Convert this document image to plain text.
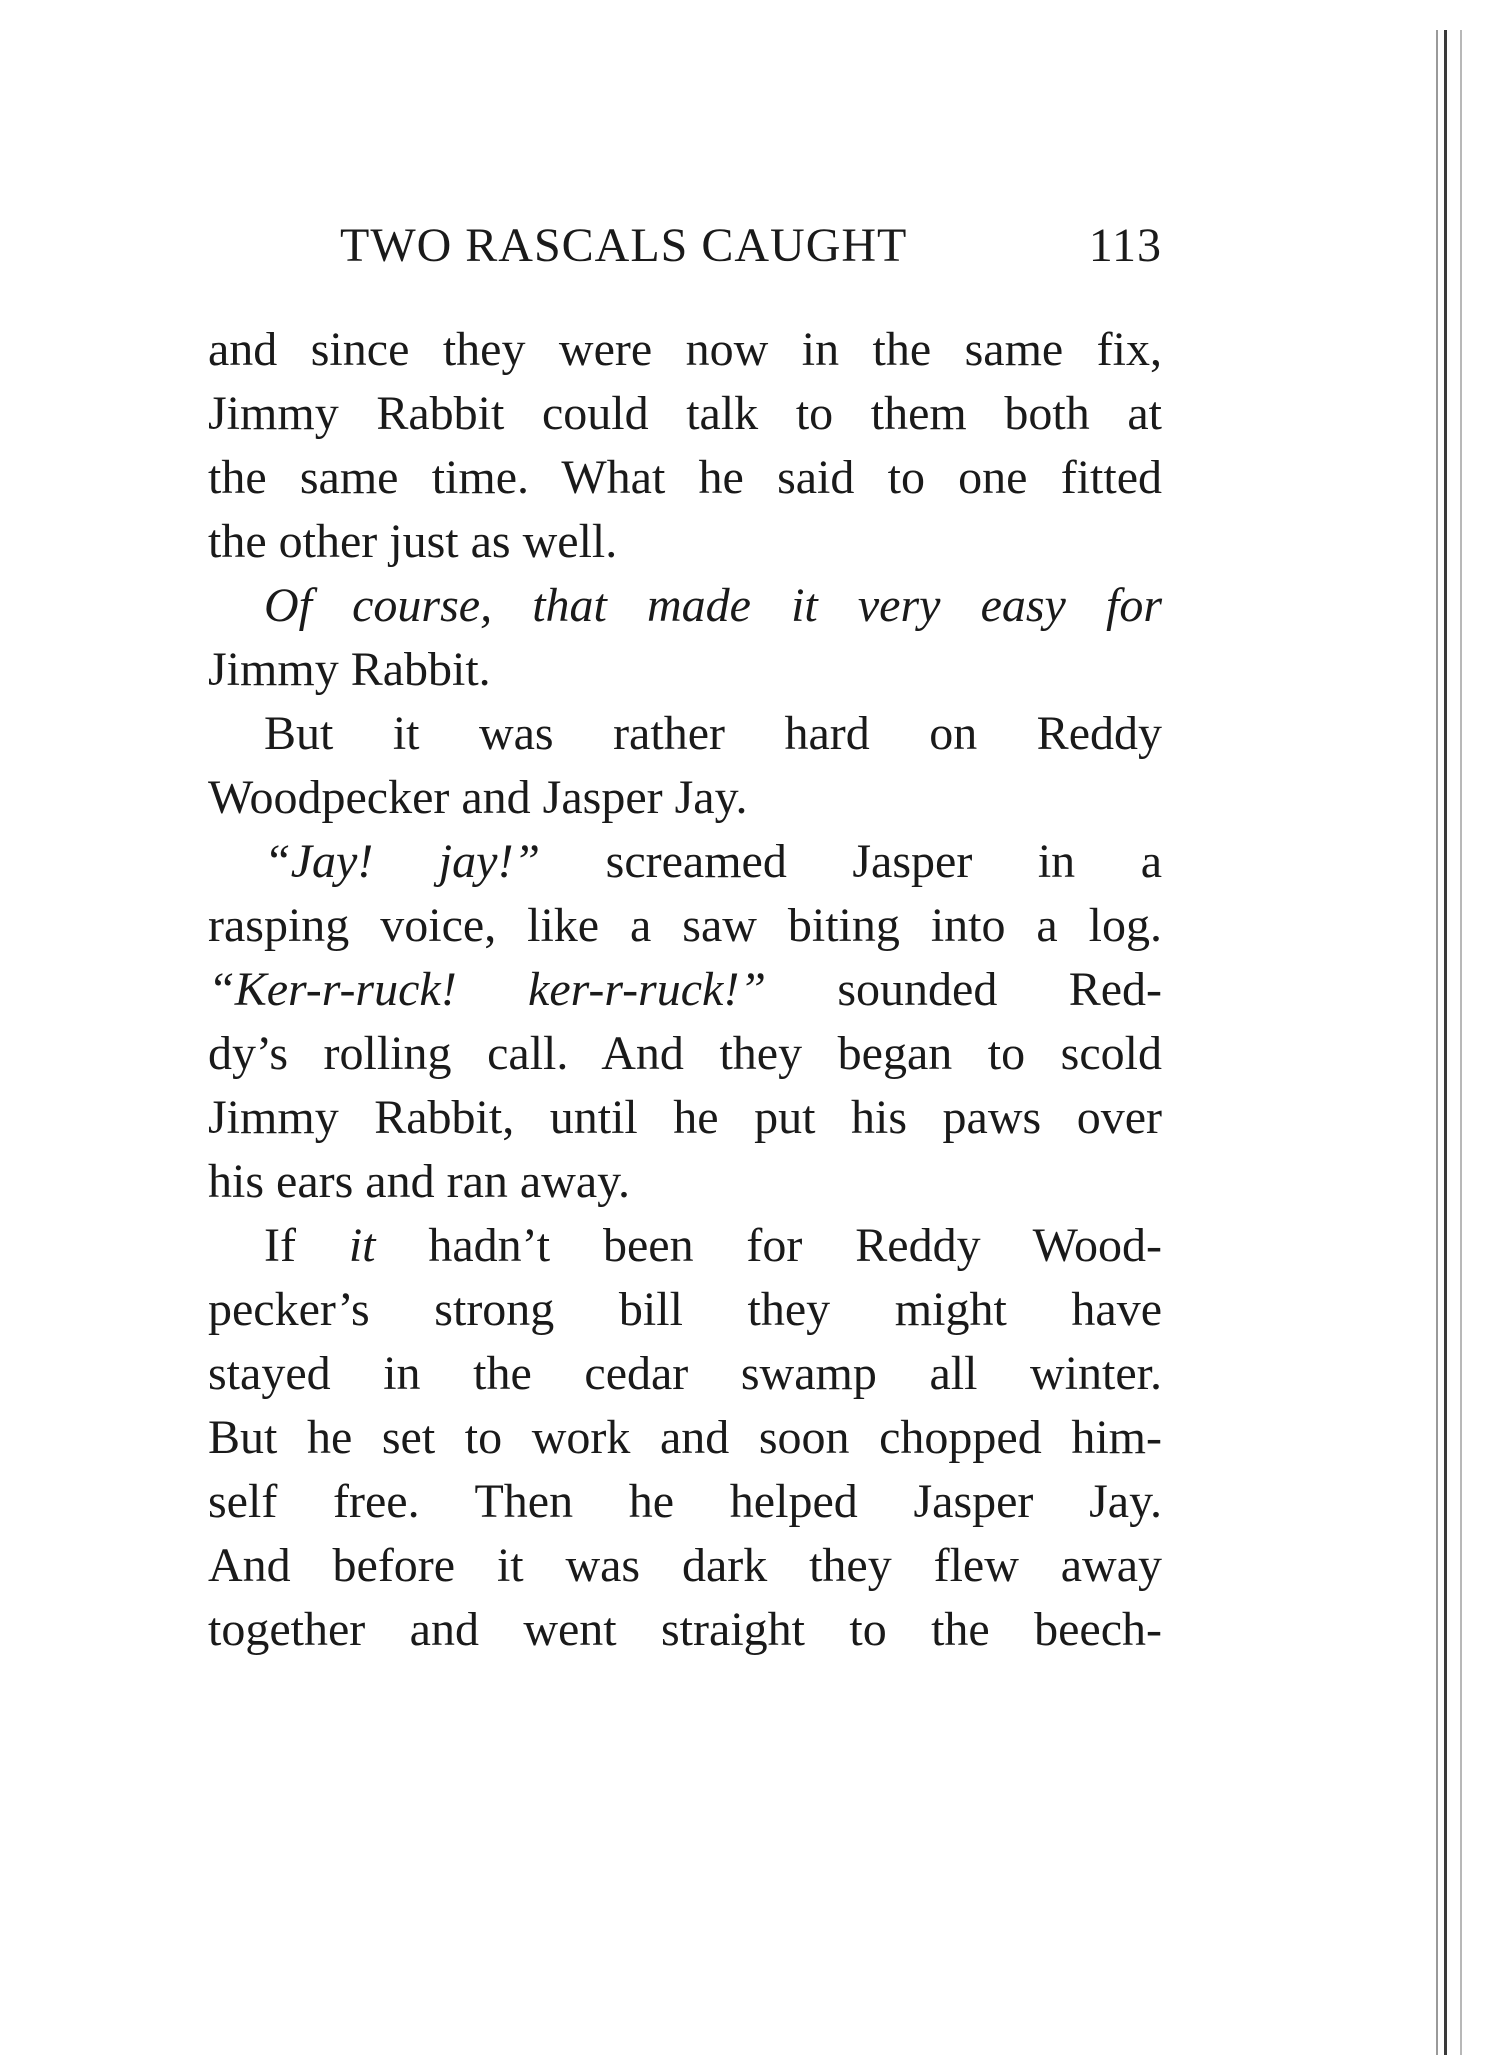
TWO RASCALS CAUGHT	113
and since they were now in the same fix,
Jimmy Rabbit could talk to them both at
the same time. What he said to one fitted
the other just as well.
Of course, that made it very easy for
Jimmy Rabbit.
But it was rather hard on Reddy
Woodpecker and Jasper Jay.
“Jay! jay!” screamed Jasper in a
rasping voice, like a saw biting into a log.
“Ker-r-ruck! ker-r-ruck!” sounded Red-
dy’s rolling call. And they began to scold
Jimmy Rabbit, until he put his paws over
his ears and ran away.
If it hadn’t been for Reddy Wood-
pecker’s strong bill they might have
stayed in the cedar swamp all winter.
But he set to work and soon chopped him-
self free. Then he helped Jasper Jay.
And before it was dark they flew away
together and went straight to the beech-
